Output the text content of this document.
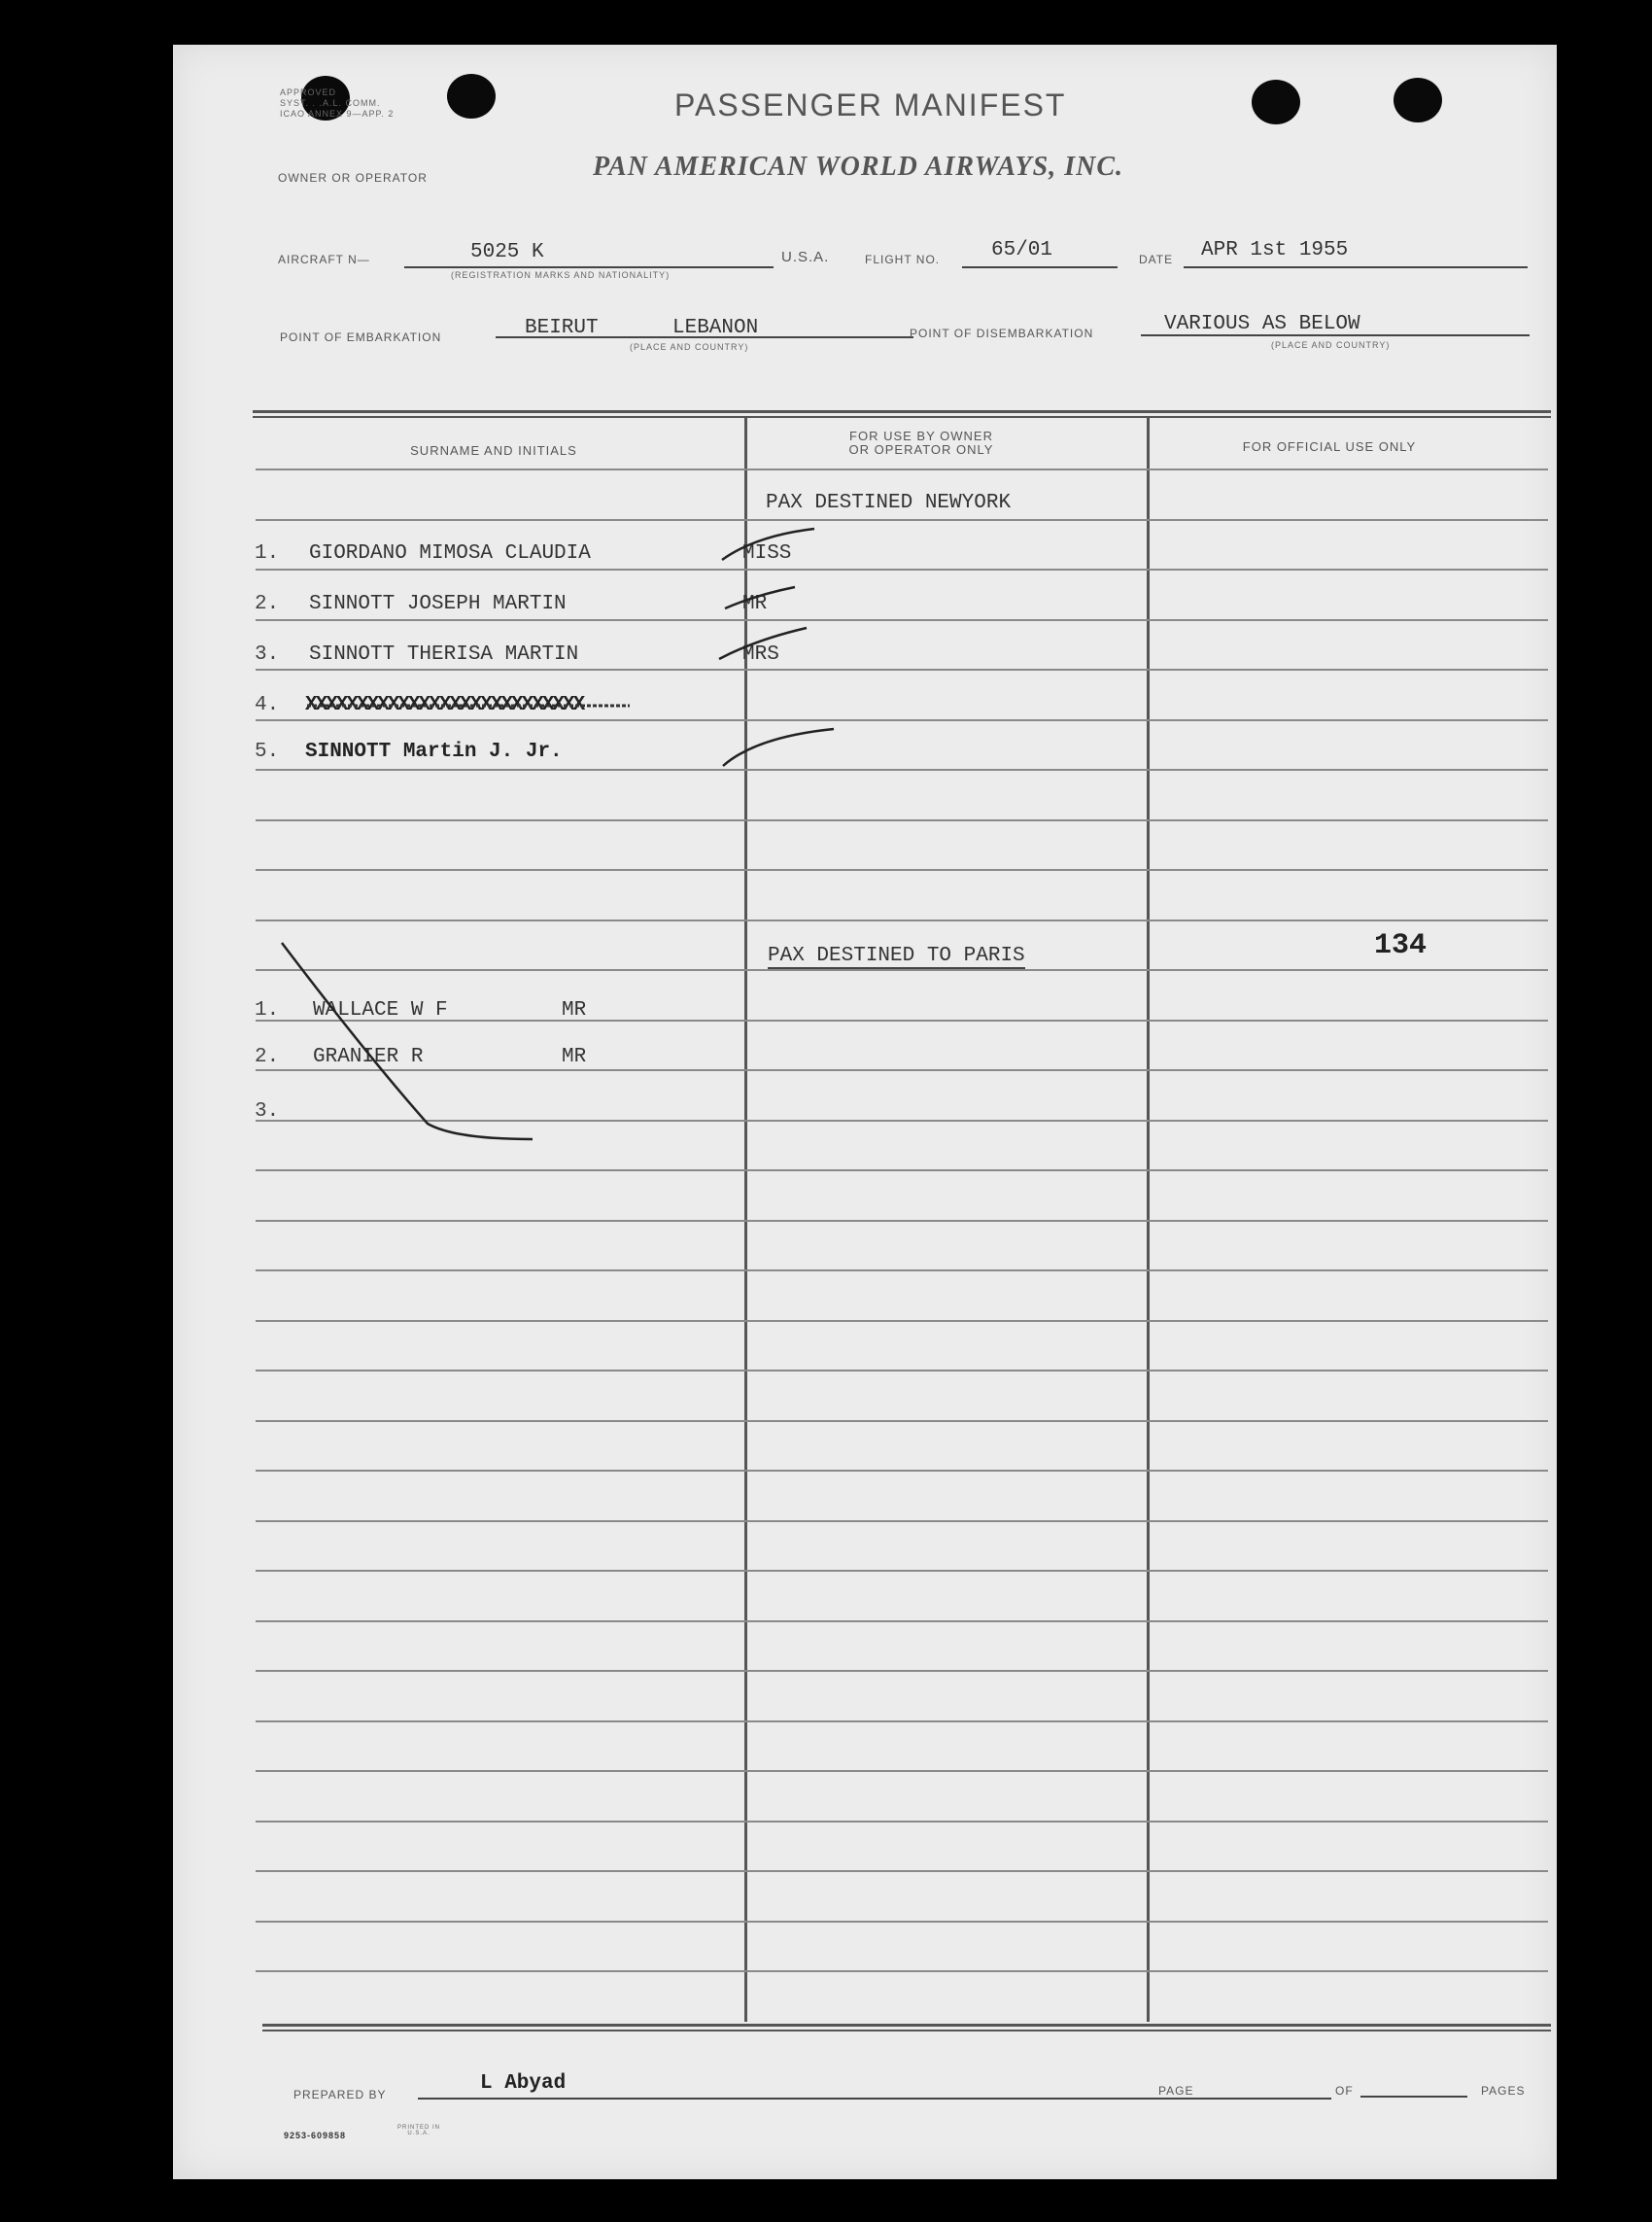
APPROVED
SYST. . .A.L. COMM.
ICAO ANNEX 9—APP. 2	PASSENGER MANIFEST
OWNER OR OPERATOR	PAN AMERICAN WORLD AIRWAYS, INC.
AIRCRAFT N—	5025 K
(REGISTRATION MARKS AND NATIONALITY)
U.S.A.	FLIGHT NO.	65/01	DATE APR 1st 1955
POINT OF EMBARKATION	BEIRUT	LEBANON
(PLACE AND COUNTRY)
POINT OF DISEMBARKATION	VARIOUS AS BELOW
(PLACE AND COUNTRY)
SURNAME AND INITIALS
FOR USE BY OWNER
OR OPERATOR ONLY	FOR OFFICIAL USE ONLY
PAX DESTINED NEWYORK
1. GIORDANO MIMOSA CLAUDIA	MISS
2. SINNOTT JOSEPH MARTIN	MR
3. SINNOTT THERISA MARTIN	MRS
4. XXXXXXXXXXXXXXXXXXXXXXXXXXX
5. SINNOTT Martin J. Jr.
PAX DESTINED TO PARIS	134
1. WALLACE W F	MR
2. GRANIER R	MR
3.
PREPARED BY	L Abyad	PAGE	OF	PAGES
9253-609858
PRINTED IN U.S.A.
